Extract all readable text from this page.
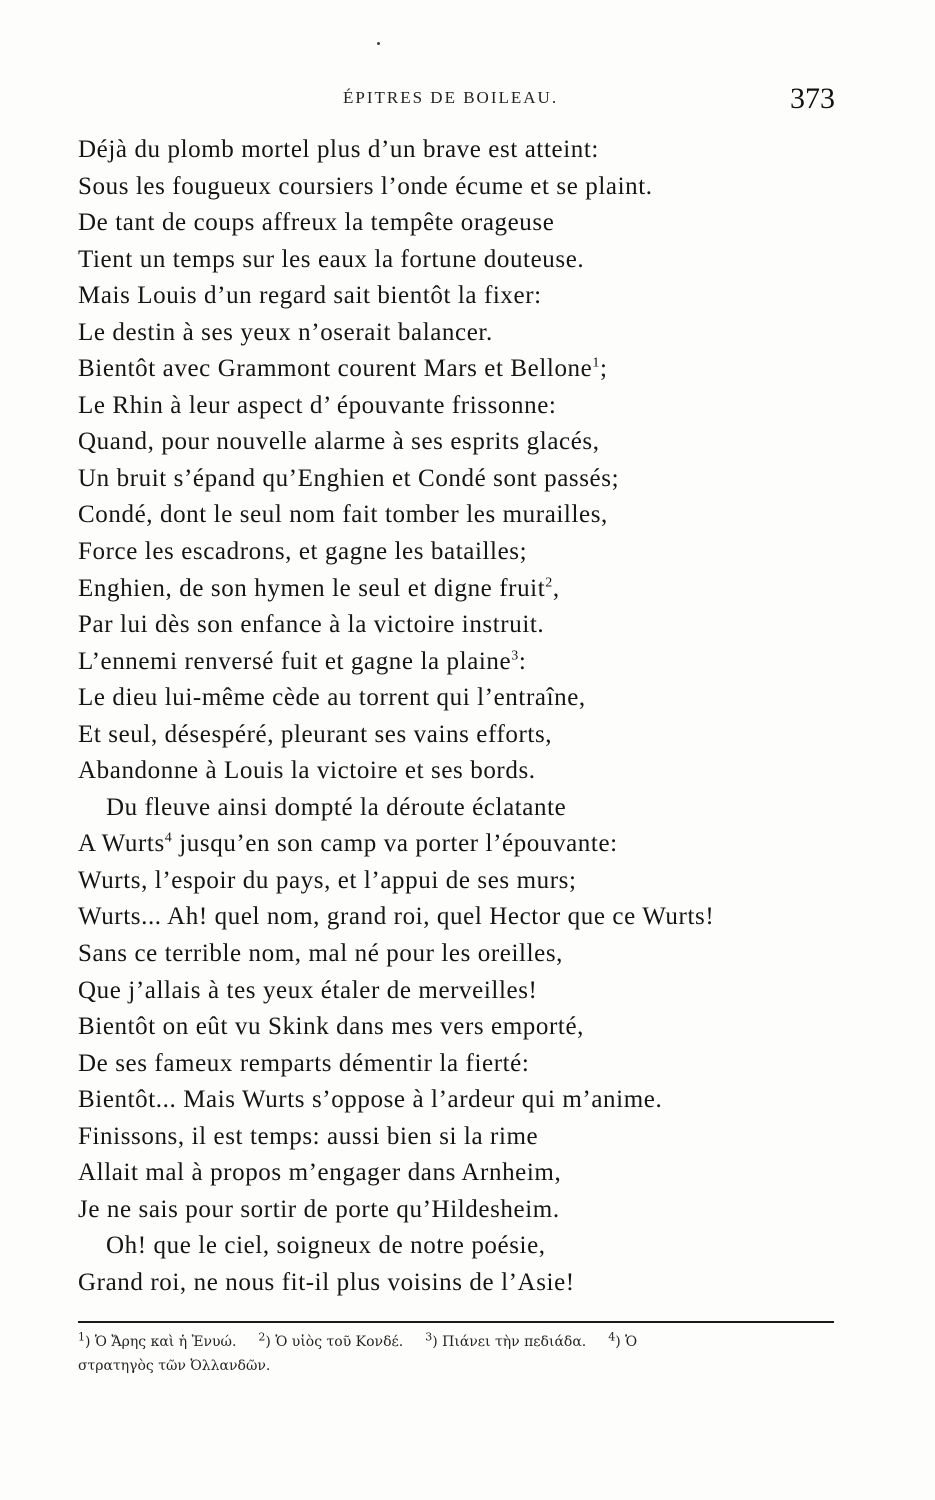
ÉPITRES DE BOILEAU.	373
Déjà du plomb mortel plus d’un brave est atteint:
Sous les fougueux coursiers l’onde écume et se plaint.
De tant de coups affreux la tempête orageuse
Tient un temps sur les eaux la fortune douteuse.
Mais Louis d’un regard sait bientôt la fixer:
Le destin à ses yeux n’oserait balancer.
Bientôt avec Grammont courent Mars et Bellone$^1$;
Le Rhin à leur aspect d’ épouvante frissonne:
Quand, pour nouvelle alarme à ses esprits glacés,
Un bruit s’épand qu’Enghien et Condé sont passés;
Condé, dont le seul nom fait tomber les murailles,
Force les escadrons, et gagne les batailles;
Enghien, de son hymen le seul et digne fruit$^2$,
Par lui dès son enfance à la victoire instruit.
L’ennemi renversé fuit et gagne la plaine$^3$:
Le dieu lui-même cède au torrent qui l’entraîne,
Et seul, désespéré, pleurant ses vains efforts,
Abandonne à Louis la victoire et ses bords.
Du fleuve ainsi dompté la déroute éclatante
A Wurts$^4$ jusqu’en son camp va porter l’épouvante:
Wurts, l’espoir du pays, et l’appui de ses murs;
Wurts... Ah! quel nom, grand roi, quel Hector que ce Wurts!
Sans ce terrible nom, mal né pour les oreilles,
Que j’allais à tes yeux étaler de merveilles!
Bientôt on eût vu Skink dans mes vers emporté,
De ses fameux remparts démentir la fierté:
Bientôt... Mais Wurts s’oppose à l’ardeur qui m’anime.
Finissons, il est temps: aussi bien si la rime
Allait mal à propos m’engager dans Arnheim,
Je ne sais pour sortir de porte qu’Hildesheim.
Oh! que le ciel, soigneux de notre poésie,
Grand roi, ne nous fit-il plus voisins de l’Asie!
$^1$) Ὁ Ἄρης καὶ ἡ Ἐνυώ. $^2$) Ὁ υἱὸς τοῦ Κονδέ. $^3$) Πιάνει τὴν πεδιάδα. $^4$) Ὁ
στρατηγὸς τῶν Ὀλλανδῶν.
